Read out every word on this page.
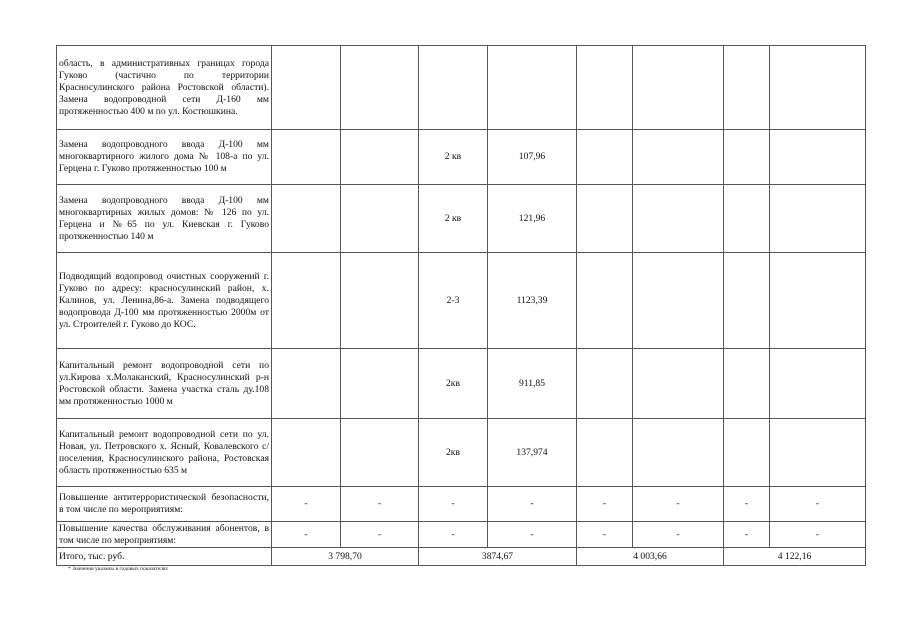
область, в административных границах города Гуково (частично по территории Красносулинского района Ростовской области). Замена водопроводной сети Д-160 мм протяженностью 400 м по ул. Костюшкина.								
Замена водопроводного ввода Д-100 мм многоквартирного жилого дома № 108-а по ул. Герцена г. Гуково протяженностью 100 м			2 кв	107,96				
Замена водопроводного ввода Д-100 мм многоквартирных жилых домов: № 126 по ул. Герцена и №65 по ул. Киевская г. Гуково протяженностью 140 м			2 кв	121,96				
Подводящий водопровод очистных сооружений г. Гуково по адресу: красносулинский район, х. Калинов, ул. Ленина,86-а. Замена подводящего водопровода Д-100 мм протяженностью 2000м от ул. Строителей г. Гуково до КОС.			2-3	1123,39				
Капитальный ремонт водопроводной сети по ул.Кирова х.Молаканский, Красносулинский р-н Ростовской области. Замена участка сталь ду.108 мм протяженностью 1000 м			2кв	911,85				
Капитальный ремонт водопроводной сети по ул. Новая, ул. Петровского х. Ясный, Ковалевского с/поселения, Красносулинского района, Ростовская область протяженностью 635 м			2кв	137,974				
Повышение антитеррористической безопасности, в том числе по мероприятиям:	-	-	-	-	-	-	-	-
Повышение качества обслуживания абонентов, в том числе по мероприятиям:	-	-	-	-	-	-	-	-
Итого, тыс. руб.	3 798,70		3874,67		4 003,66		4 122,16	
* Значения указаны в годовых показателях
